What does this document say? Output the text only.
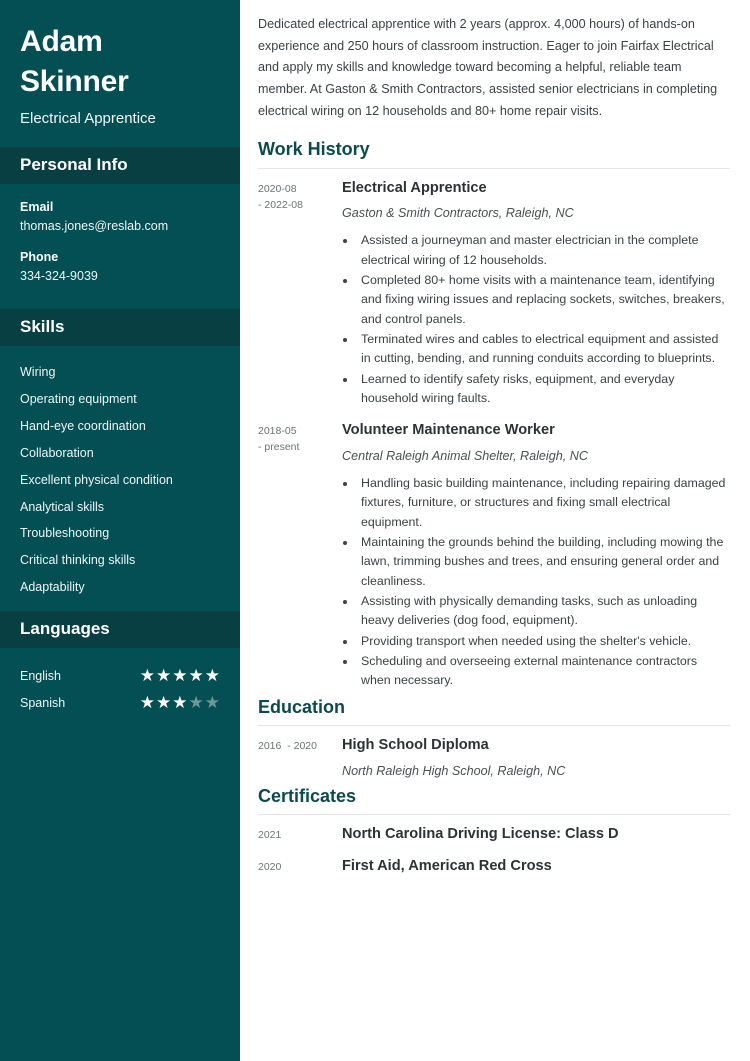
Adam
Skinner
Electrical Apprentice
Personal Info
Email
thomas.jones@reslab.com
Phone
334-324-9039
Skills
Wiring
Operating equipment
Hand-eye coordination
Collaboration
Excellent physical condition
Analytical skills
Troubleshooting
Critical thinking skills
Adaptability
Languages
English	★ ★ ★ ★ ★
Spanish	★ ★ ★ ★ ★

Dedicated electrical apprentice with 2 years (approx. 4,000 hours) of hands-on experience and 250 hours of classroom instruction. Eager to join Fairfax Electrical and apply my skills and knowledge toward becoming a helpful, reliable team member. At Gaston & Smith Contractors, assisted senior electricians in completing electrical wiring on 12 households and 80+ home repair visits.

Work History
2020-08
- 2022-08
Electrical Apprentice
Gaston & Smith Contractors, Raleigh, NC
• Assisted a journeyman and master electrician in the complete electrical wiring of 12 households.
• Completed 80+ home visits with a maintenance team, identifying and fixing wiring issues and replacing sockets, switches, breakers, and control panels.
• Terminated wires and cables to electrical equipment and assisted in cutting, bending, and running conduits according to blueprints.
• Learned to identify safety risks, equipment, and everyday household wiring faults.
2018-05
- present
Volunteer Maintenance Worker
Central Raleigh Animal Shelter, Raleigh, NC
• Handling basic building maintenance, including repairing damaged fixtures, furniture, or structures and fixing small electrical equipment.
• Maintaining the grounds behind the building, including mowing the lawn, trimming bushes and trees, and ensuring general order and cleanliness.
• Assisting with physically demanding tasks, such as unloading heavy deliveries (dog food, equipment).
• Providing transport when needed using the shelter's vehicle.
• Scheduling and overseeing external maintenance contractors when necessary.
Education
2016  - 2020	High School Diploma
North Raleigh High School, Raleigh, NC
Certificates
2021	North Carolina Driving License: Class D
2020	First Aid, American Red Cross
